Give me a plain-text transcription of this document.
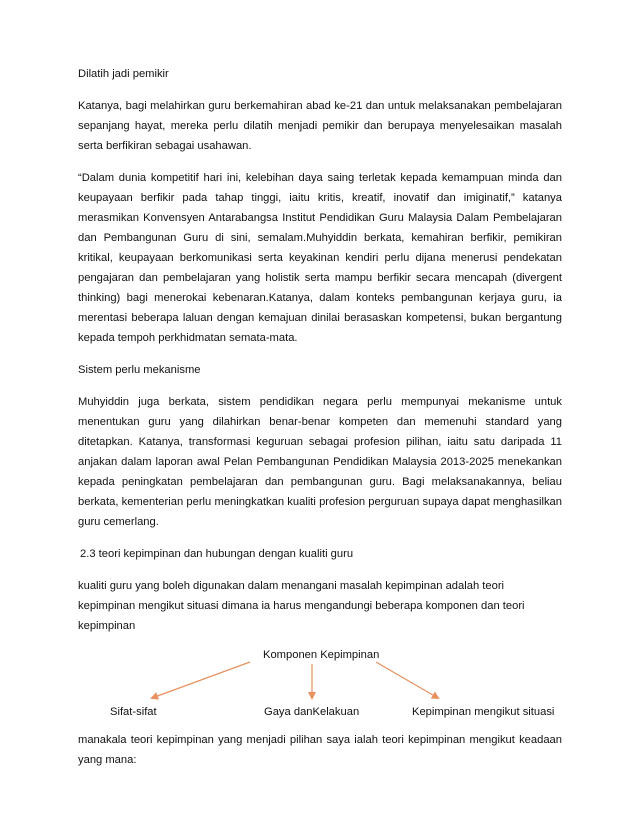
Dilatih jadi pemikir

Katanya, bagi melahirkan guru berkemahiran abad ke-21 dan untuk melaksanakan pembelajaran sepanjang hayat, mereka perlu dilatih menjadi pemikir dan berupaya menyelesaikan masalah serta berfikiran sebagai usahawan.

“Dalam dunia kompetitif hari ini, kelebihan daya saing terletak kepada kemampuan minda dan keupayaan berfikir pada tahap tinggi, iaitu kritis, kreatif, inovatif dan imiginatif,” katanya merasmikan Konvensyen Antarabangsa Institut Pendidikan Guru Malaysia Dalam Pembelajaran dan Pembangunan Guru di sini, semalam.Muhyiddin berkata, kemahiran berfikir, pemikiran kritikal, keupayaan berkomunikasi serta keyakinan kendiri perlu dijana menerusi pendekatan pengajaran dan pembelajaran yang holistik serta mampu berfikir secara mencapah (divergent thinking) bagi menerokai kebenaran.Katanya, dalam konteks pembangunan kerjaya guru, ia merentasi beberapa laluan dengan kemajuan dinilai berasaskan kompetensi, bukan bergantung kepada tempoh perkhidmatan semata-mata.

Sistem perlu mekanisme

Muhyiddin juga berkata, sistem pendidikan negara perlu mempunyai mekanisme untuk menentukan guru yang dilahirkan benar-benar kompeten dan memenuhi standard yang ditetapkan. Katanya, transformasi keguruan sebagai profesion pilihan, iaitu satu daripada 11 anjakan dalam laporan awal Pelan Pembangunan Pendidikan Malaysia 2013-2025 menekankan kepada peningkatan pembelajaran dan pembangunan guru. Bagi melaksanakannya, beliau berkata, kementerian perlu meningkatkan kualiti profesion perguruan supaya dapat menghasilkan guru cemerlang.

2.3 teori kepimpinan dan hubungan dengan kualiti guru

kualiti guru yang boleh digunakan dalam menangani masalah kepimpinan adalah teori kepimpinan mengikut situasi dimana ia harus mengandungi beberapa komponen dan teori kepimpinan

Komponen Kepimpinan
Sifat-sifat	Gaya danKelakuan	Kepimpinan mengikut situasi

manakala teori kepimpinan yang menjadi pilihan saya ialah teori kepimpinan mengikut keadaan yang mana:
